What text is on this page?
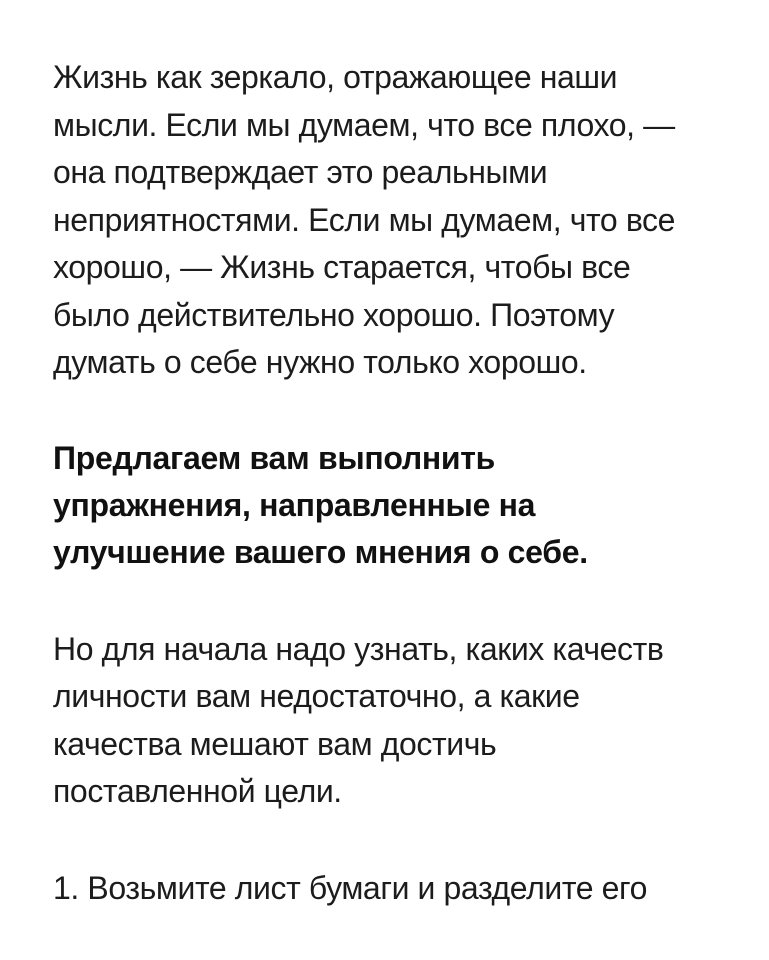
Жизнь как зеркало, отражающее наши
мысли. Если мы думаем, что все плохо, —
она подтверждает это реальными
неприятностями. Если мы думаем, что все
хорошо, — Жизнь старается, чтобы все
было действительно хорошо. Поэтому
думать о себе нужно только хорошо.

Предлагаем вам выполнить
упражнения, направленные на
улучшение вашего мнения о себе.

Но для начала надо узнать, каких качеств
личности вам недостаточно, а какие
качества мешают вам достичь
поставленной цели.

1. Возьмите лист бумаги и разделите его
